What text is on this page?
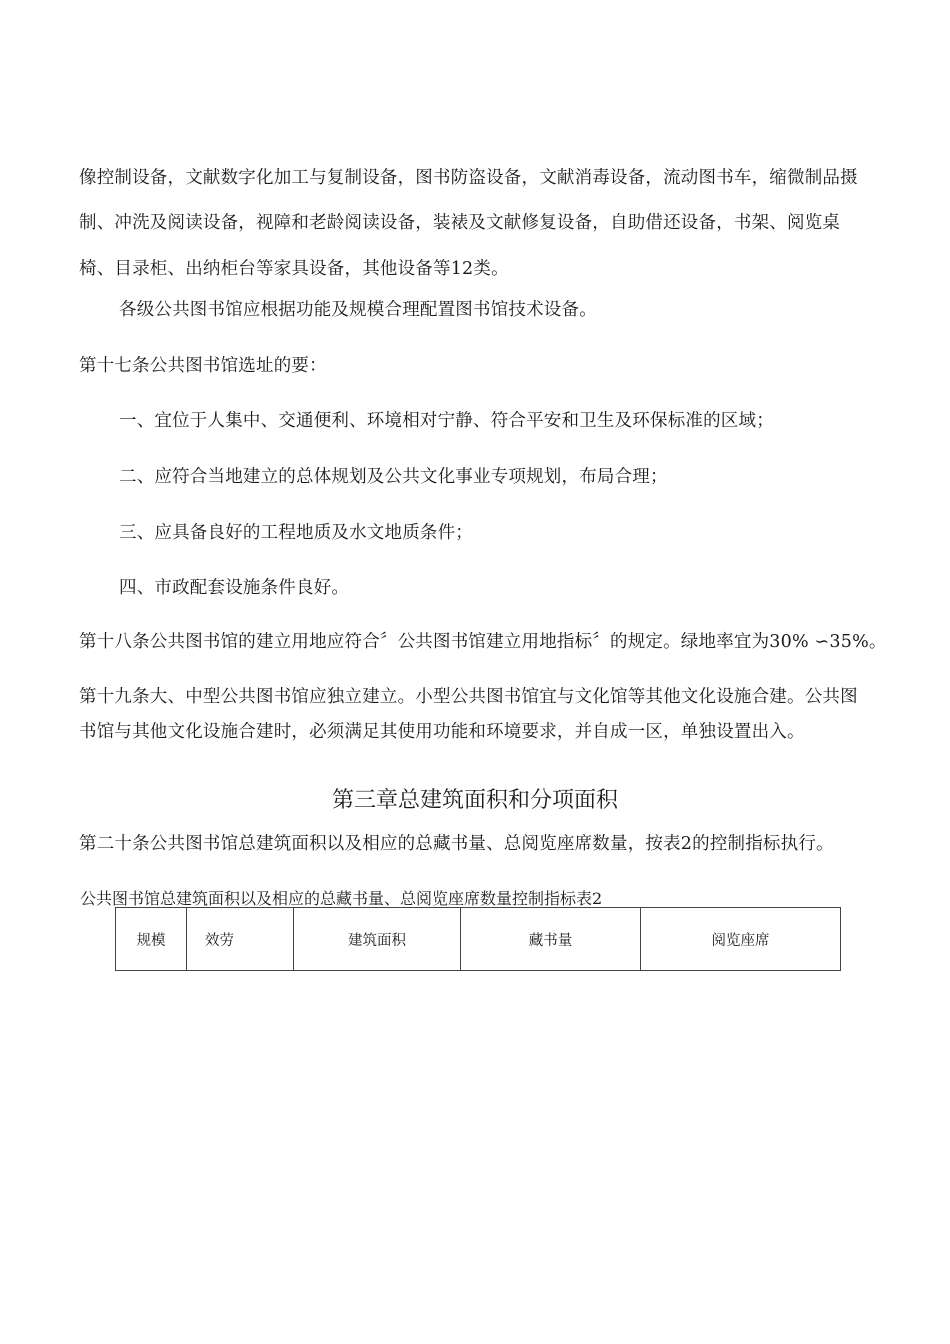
像控制设备，文献数字化加工与复制设备，图书防盗设备，文献消毒设备，流动图书车，缩微制品摄
制、冲洗及阅读设备，视障和老龄阅读设备，装裱及文献修复设备，自助借还设备，书架、阅览桌
椅、目录柜、出纳柜台等家具设备，其他设备等12类。
各级公共图书馆应根据功能及规模合理配置图书馆技术设备。
第十七条公共图书馆选址的要：
一、宜位于人集中、交通便利、环境相对宁静、符合平安和卫生及环保标准的区域；
二、应符合当地建立的总体规划及公共文化事业专项规划，布局合理；
三、应具备良好的工程地质及水文地质条件；
四、市政配套设施条件良好。
第十八条公共图书馆的建立用地应符合〞公共图书馆建立用地指标〞的规定。绿地率宜为30% ∽35%。
第十九条大、中型公共图书馆应独立建立。小型公共图书馆宜与文化馆等其他文化设施合建。公共图
书馆与其他文化设施合建时，必须满足其使用功能和环境要求，并自成一区，单独设置出入。
第三章总建筑面积和分项面积
第二十条公共图书馆总建筑面积以及相应的总藏书量、总阅览座席数量，按表2的控制指标执行。
公共图书馆总建筑面积以及相应的总藏书量、总阅览座席数量控制指标表2
规模	效劳	建筑面积	藏书量	阅览座席
